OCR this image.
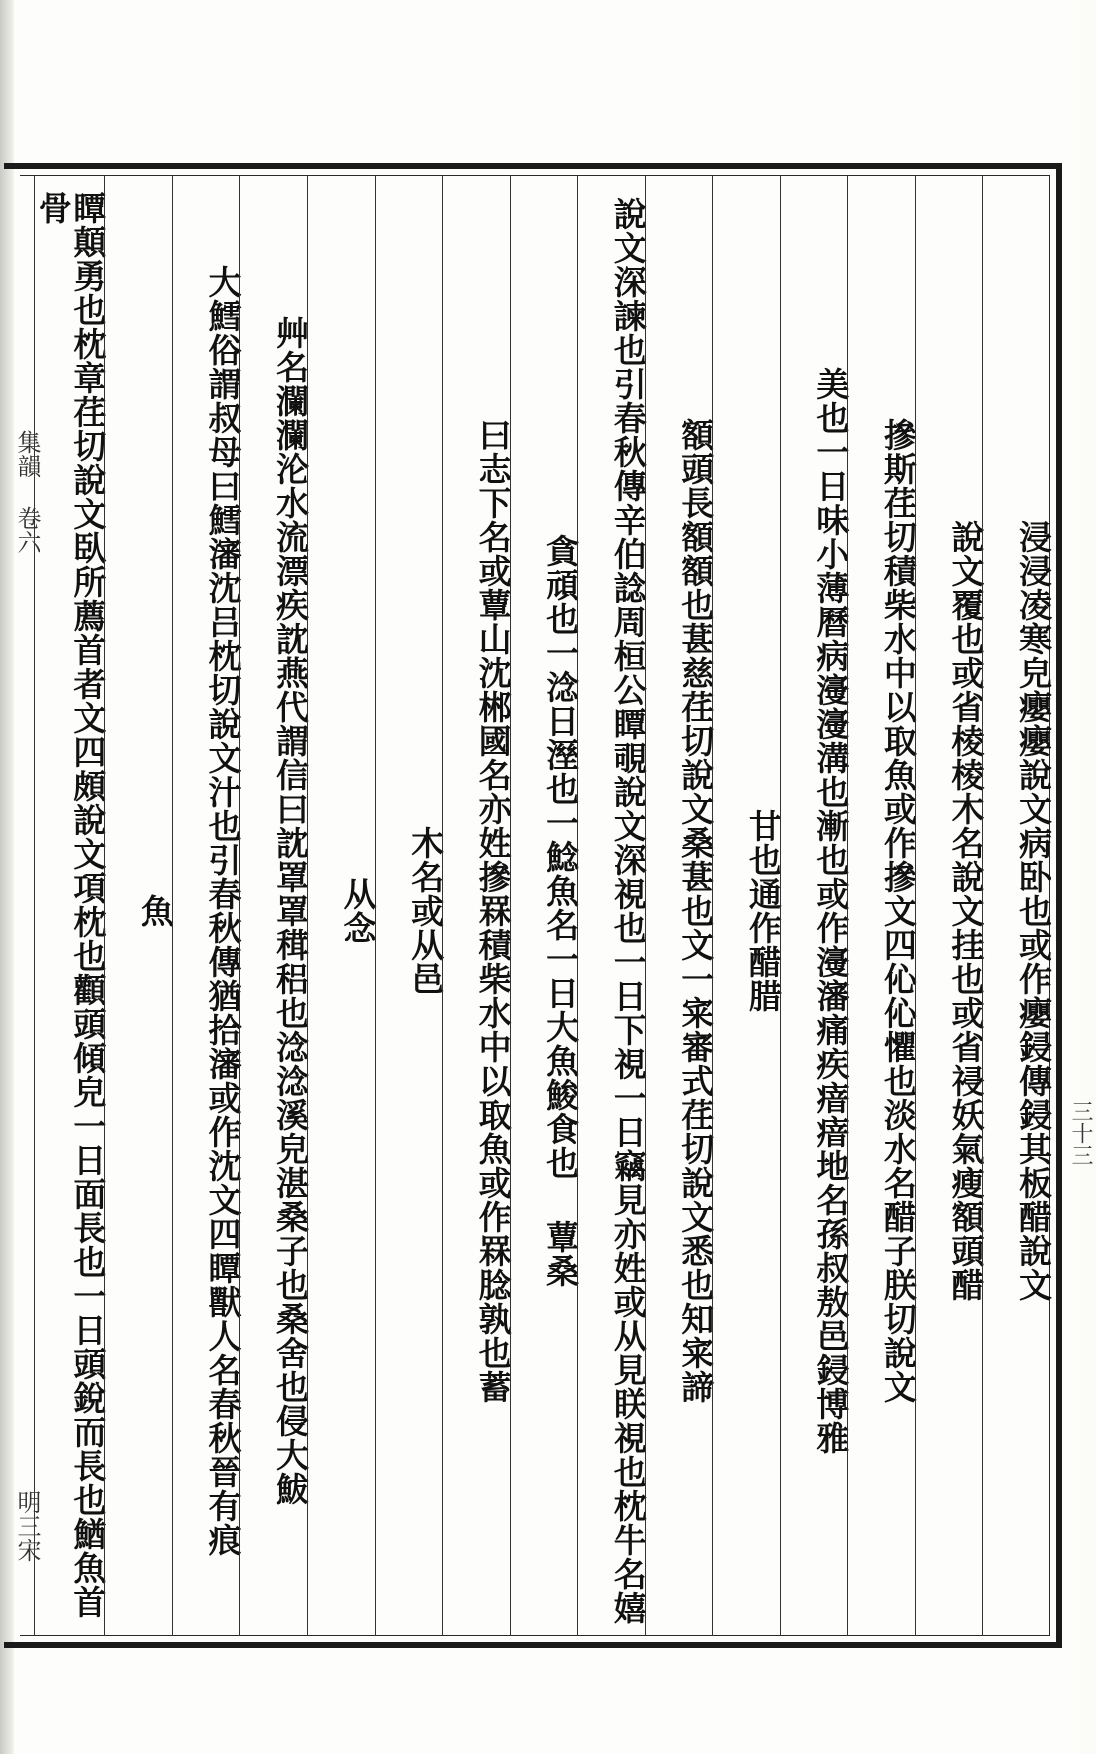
浸浸凌寒皃癭癭說文病卧也或作癭鋟傳鋟其板醋說文
說文覆也或省棱棱木名說文挂也或省祲妖氣瘦額頭醋
摻斯荏切積柴水中以取魚或作摻文四伈伈懼也淡水名醋子朕切說文
美也一日味小薄曆病濅濅溝也漸也或作濅瀋痛疾瘖瘖地名孫叔敖邑鋟博雅
甘也通作醋腊
額頭長額額也葚慈荏切說文桑葚也文一宷審式荏切說文悉也知宷諦
說文深諫也引春秋傳辛伯諗周桓公瞫覗說文深視也一日下視一日竊見亦姓或从見眹視也枕牛名嬉
貪頑也一淰日溼也一鯰魚名一日大魚鮻食也 蕈桑
曰志下名或蕈山沈郴國名亦姓摻罧積柴水中以取魚或作罧腍孰也蓄
木名或从邑
从念
艸名瀾瀾沦水流漂疾訦燕代謂信曰訦罩罩穁稆也淰淰溪皃湛桑子也桑舍也侵大鮁
大鱈俗謂叔母曰鱈瀋沈吕枕切說文汁也引春秋傳猶拾瀋或作沈文四瞫獸人名春秋晉有痕
魚
瞫顛勇也枕章荏切說文臥所薦首者文四頗說文項枕也顴頭傾皃一日面長也一日頭銳而長也鰌魚首骨
集韻 卷六
明三宋
三十三
